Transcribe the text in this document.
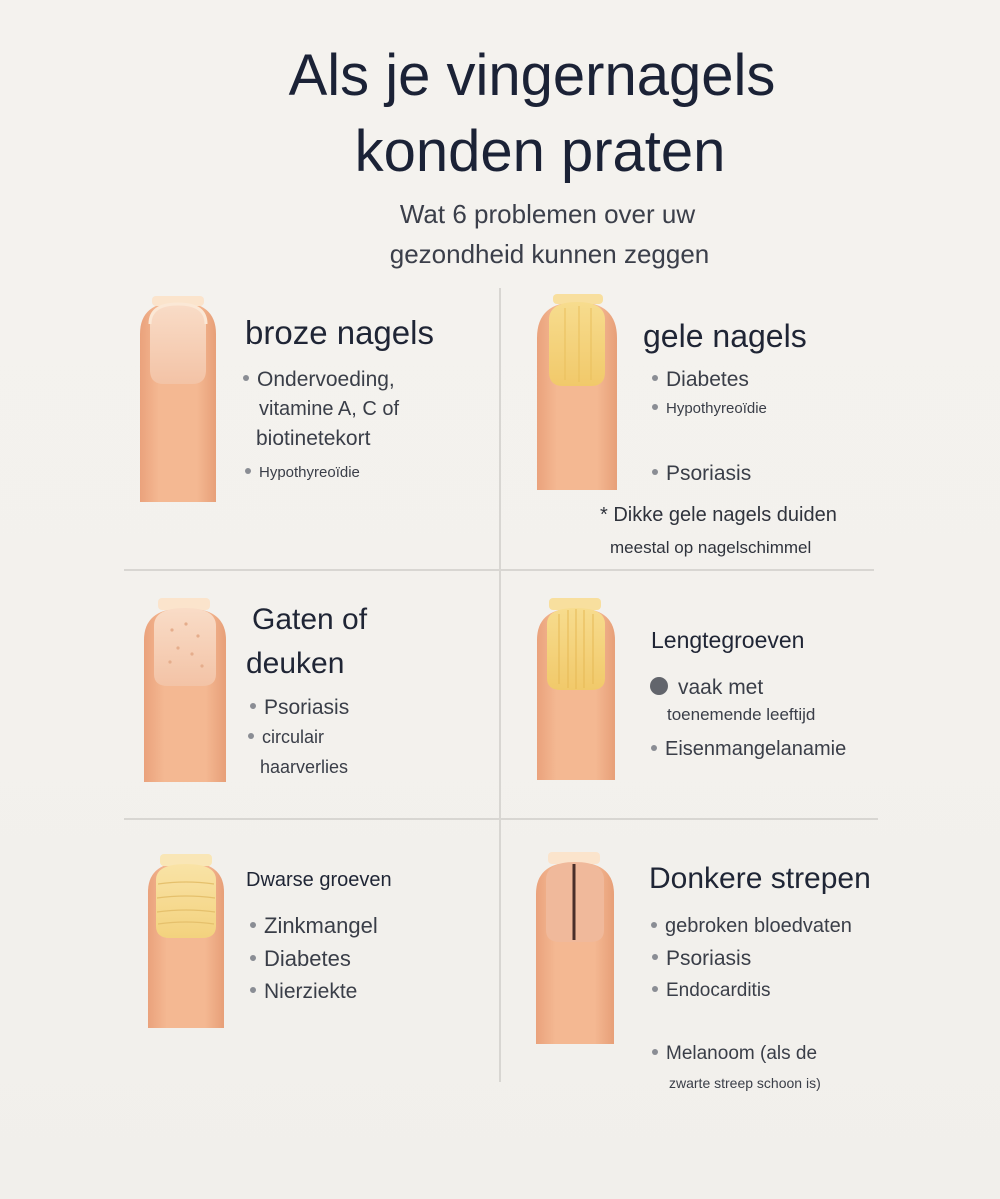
Als je vingernagels
konden praten
Wat 6 problemen over uw
gezondheid kunnen zeggen
broze nagels
Ondervoeding,
vitamine A, C of
biotinetekort
Hypothyreoïdie
gele nagels
Diabetes
Hypothyreoïdie
Psoriasis
* Dikke gele nagels duiden
meestal op nagelschimmel
Gaten of
deuken
Psoriasis
circulair
haarverlies
Lengtegroeven
vaak met
toenemende leeftijd
Eisenmangelanamie
Dwarse groeven
Zinkmangel
Diabetes
Nierziekte
Donkere strepen
gebroken bloedvaten
Psoriasis
Endocarditis
Melanoom (als de
zwarte streep schoon is)
